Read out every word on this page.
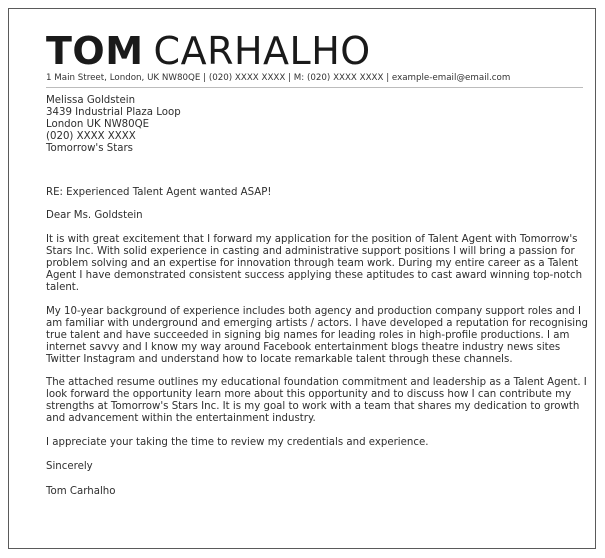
TOM CARHALHO
1 Main Street, London, UK NW80QE | (020) XXXX XXXX | M: (020) XXXX XXXX | example-email@email.com
Melissa Goldstein
3439 Industrial Plaza Loop
London UK NW80QE
(020) XXXX XXXX
Tomorrow's Stars

RE: Experienced Talent Agent wanted ASAP!

Dear Ms. Goldstein

It is with great excitement that I forward my application for the position of Talent Agent with Tomorrow's Stars Inc. With solid experience in casting and administrative support positions I will bring a passion for problem solving and an expertise for innovation through team work. During my entire career as a Talent Agent I have demonstrated consistent success applying these aptitudes to cast award winning top-notch talent.

My 10-year background of experience includes both agency and production company support roles and I am familiar with underground and emerging artists / actors. I have developed a reputation for recognising true talent and have succeeded in signing big names for leading roles in high-profile productions. I am internet savvy and I know my way around Facebook entertainment blogs theatre industry news sites Twitter Instagram and understand how to locate remarkable talent through these channels.

The attached resume outlines my educational foundation commitment and leadership as a Talent Agent. I look forward the opportunity learn more about this opportunity and to discuss how I can contribute my strengths at Tomorrow's Stars Inc. It is my goal to work with a team that shares my dedication to growth and advancement within the entertainment industry.

I appreciate your taking the time to review my credentials and experience.

Sincerely

Tom Carhalho
